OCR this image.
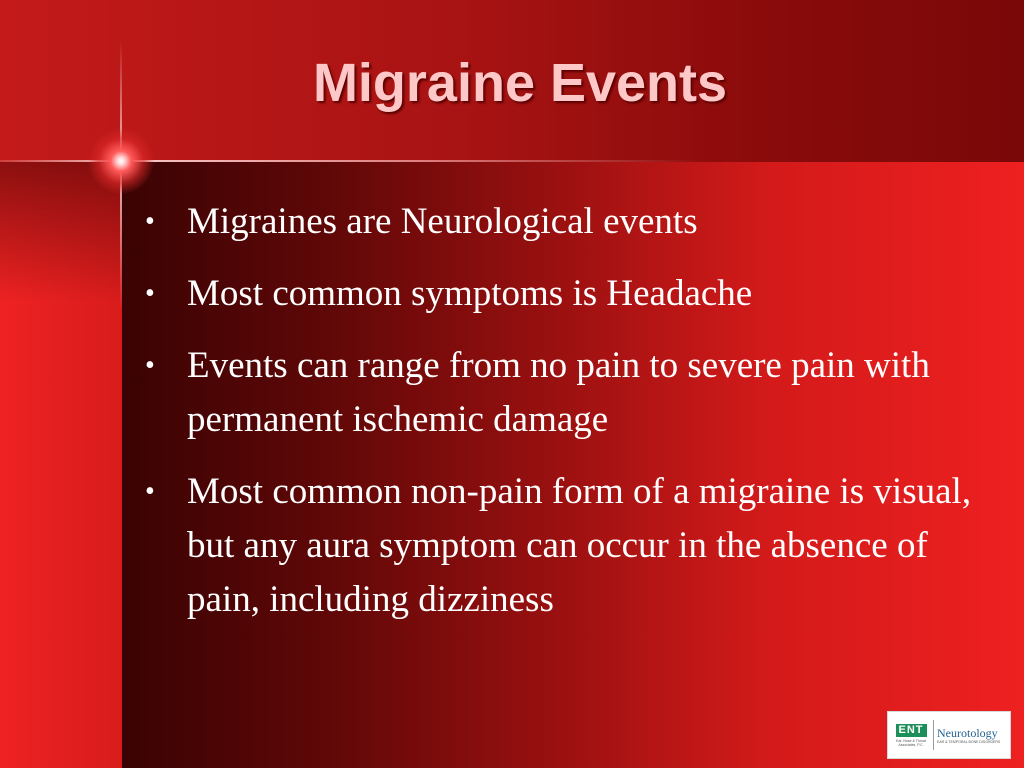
Migraine Events
• Migraines are Neurological events
• Most common symptoms is Headache
• Events can range from no pain to severe pain with permanent ischemic damage
• Most common non-pain form of a migraine is visual, but any aura symptom can occur in the absence of pain, including dizziness
ENT
Ear, Nose & Throat Associates, P.C.
Neurotology
EAR & TEMPORAL BONE DISORDERS
